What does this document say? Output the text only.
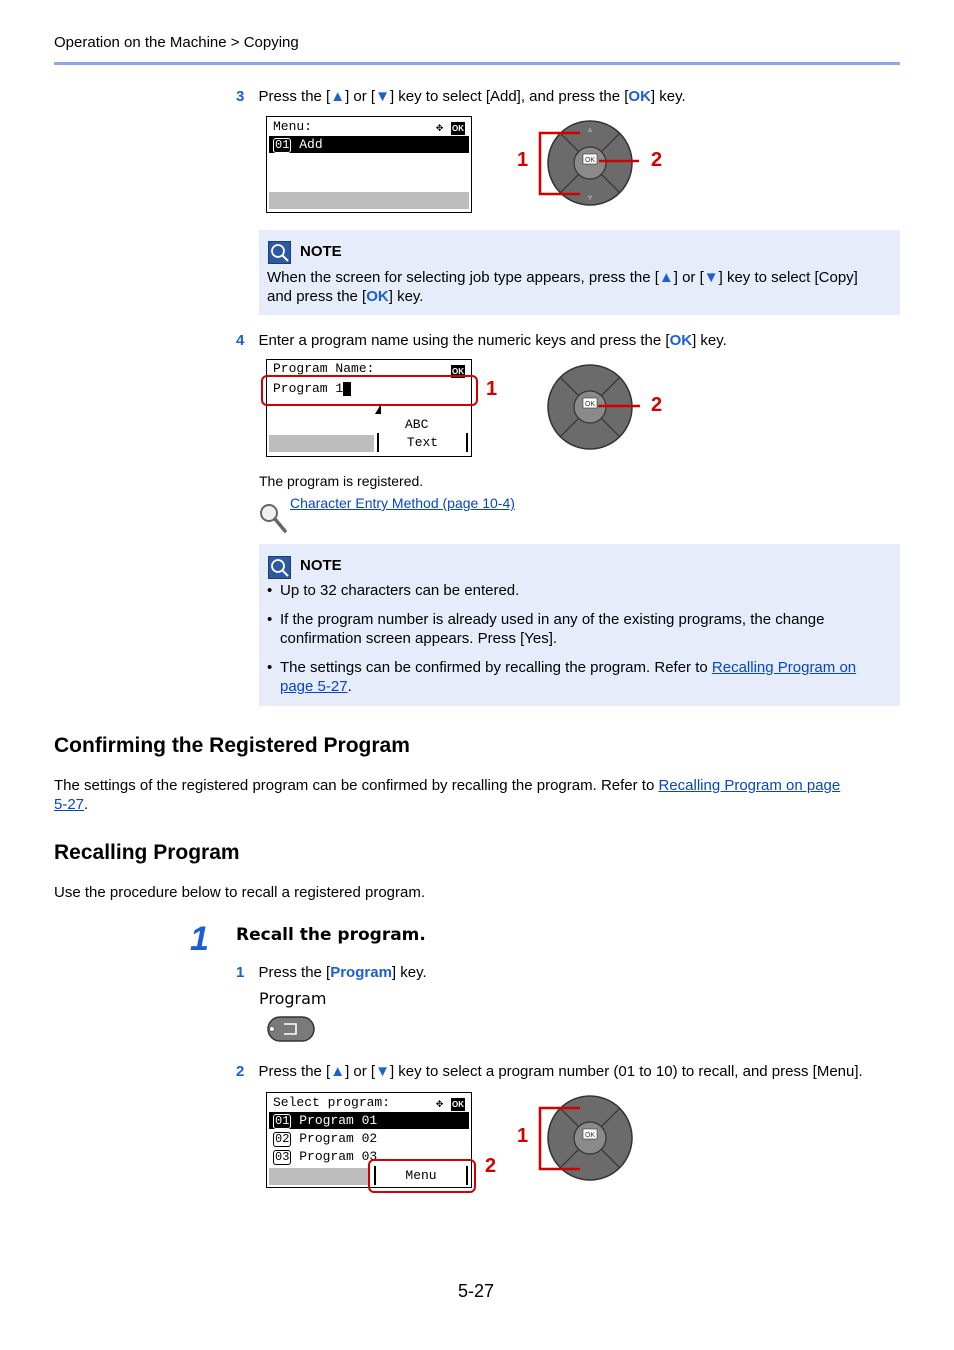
Operation on the Machine > Copying
3 Press the [▲] or [▼] key to select [Add], and press the [OK] key.
Menu:	✥ OK
01 Add
OK
▵
▿
1	2
NOTE
When the screen for selecting job type appears, press the [▲] or [▼] key to select [Copy]
and press the [OK] key.
4 Enter a program name using the numeric keys and press the [OK] key.
Program Name:	OK
Program 1
ABC
Text
1
OK	2
The program is registered.
Character Entry Method (page 10-4)
NOTE
• Up to 32 characters can be entered.
• If the program number is already used in any of the existing programs, the change
confirmation screen appears. Press [Yes].
• The settings can be confirmed by recalling the program. Refer to Recalling Program on
page 5-27.
Confirming the Registered Program
The settings of the registered program can be confirmed by recalling the program. Refer to Recalling Program on page
5-27.
Recalling Program
Use the procedure below to recall a registered program.
1 Recall the program.
1 Press the [Program] key.
Program
2 Press the [▲] or [▼] key to select a program number (01 to 10) to recall, and press [Menu].
Select program:	✥ OK
01 Program 01
02 Program 02
03 Program 03
Menu	2
OK
1
5-27
